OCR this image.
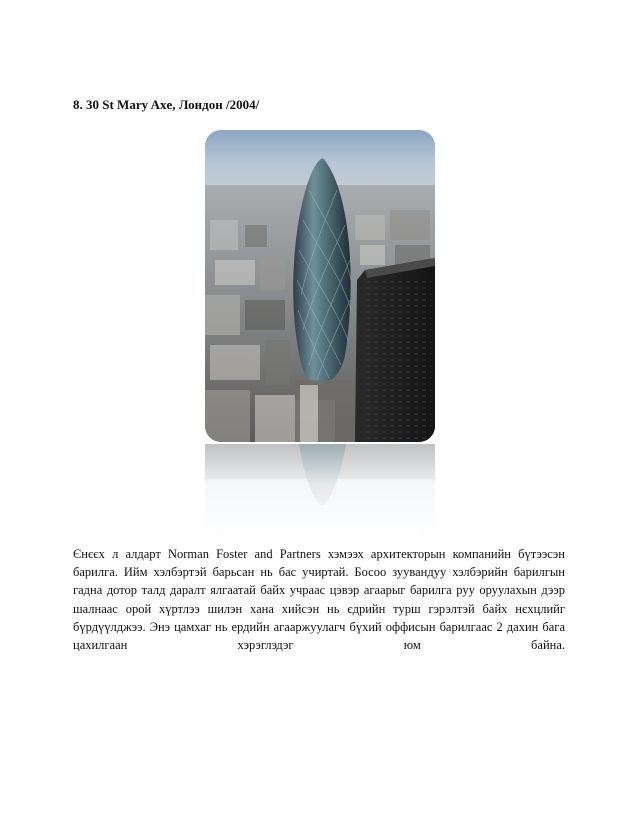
8. 30 St Mary Axe, Лондон /2004/
Єнєєх л алдарт Norman Foster and Partners хэмээх архитекторын компанийн бүтээсэн
барилга. Ийм хэлбэртэй барьсан нь бас учиртай. Босоо зуувандуу хэлбэрийн барилгын
гадна дотор талд даралт ялгаатай байх учраас цэвэр агаарыг барилга руу оруулахын дээр
шалнаас орой хүртлээ шилэн хана хийсэн нь єдрийн турш гэрэлтэй байх нєхцлийг
бүрдүүлджээ. Энэ цамхаг нь ердийн агааржуулагч бүхий оффисын барилгаас 2 дахин бага
цахилгаан	хэрэглэдэг	юм	байна.
